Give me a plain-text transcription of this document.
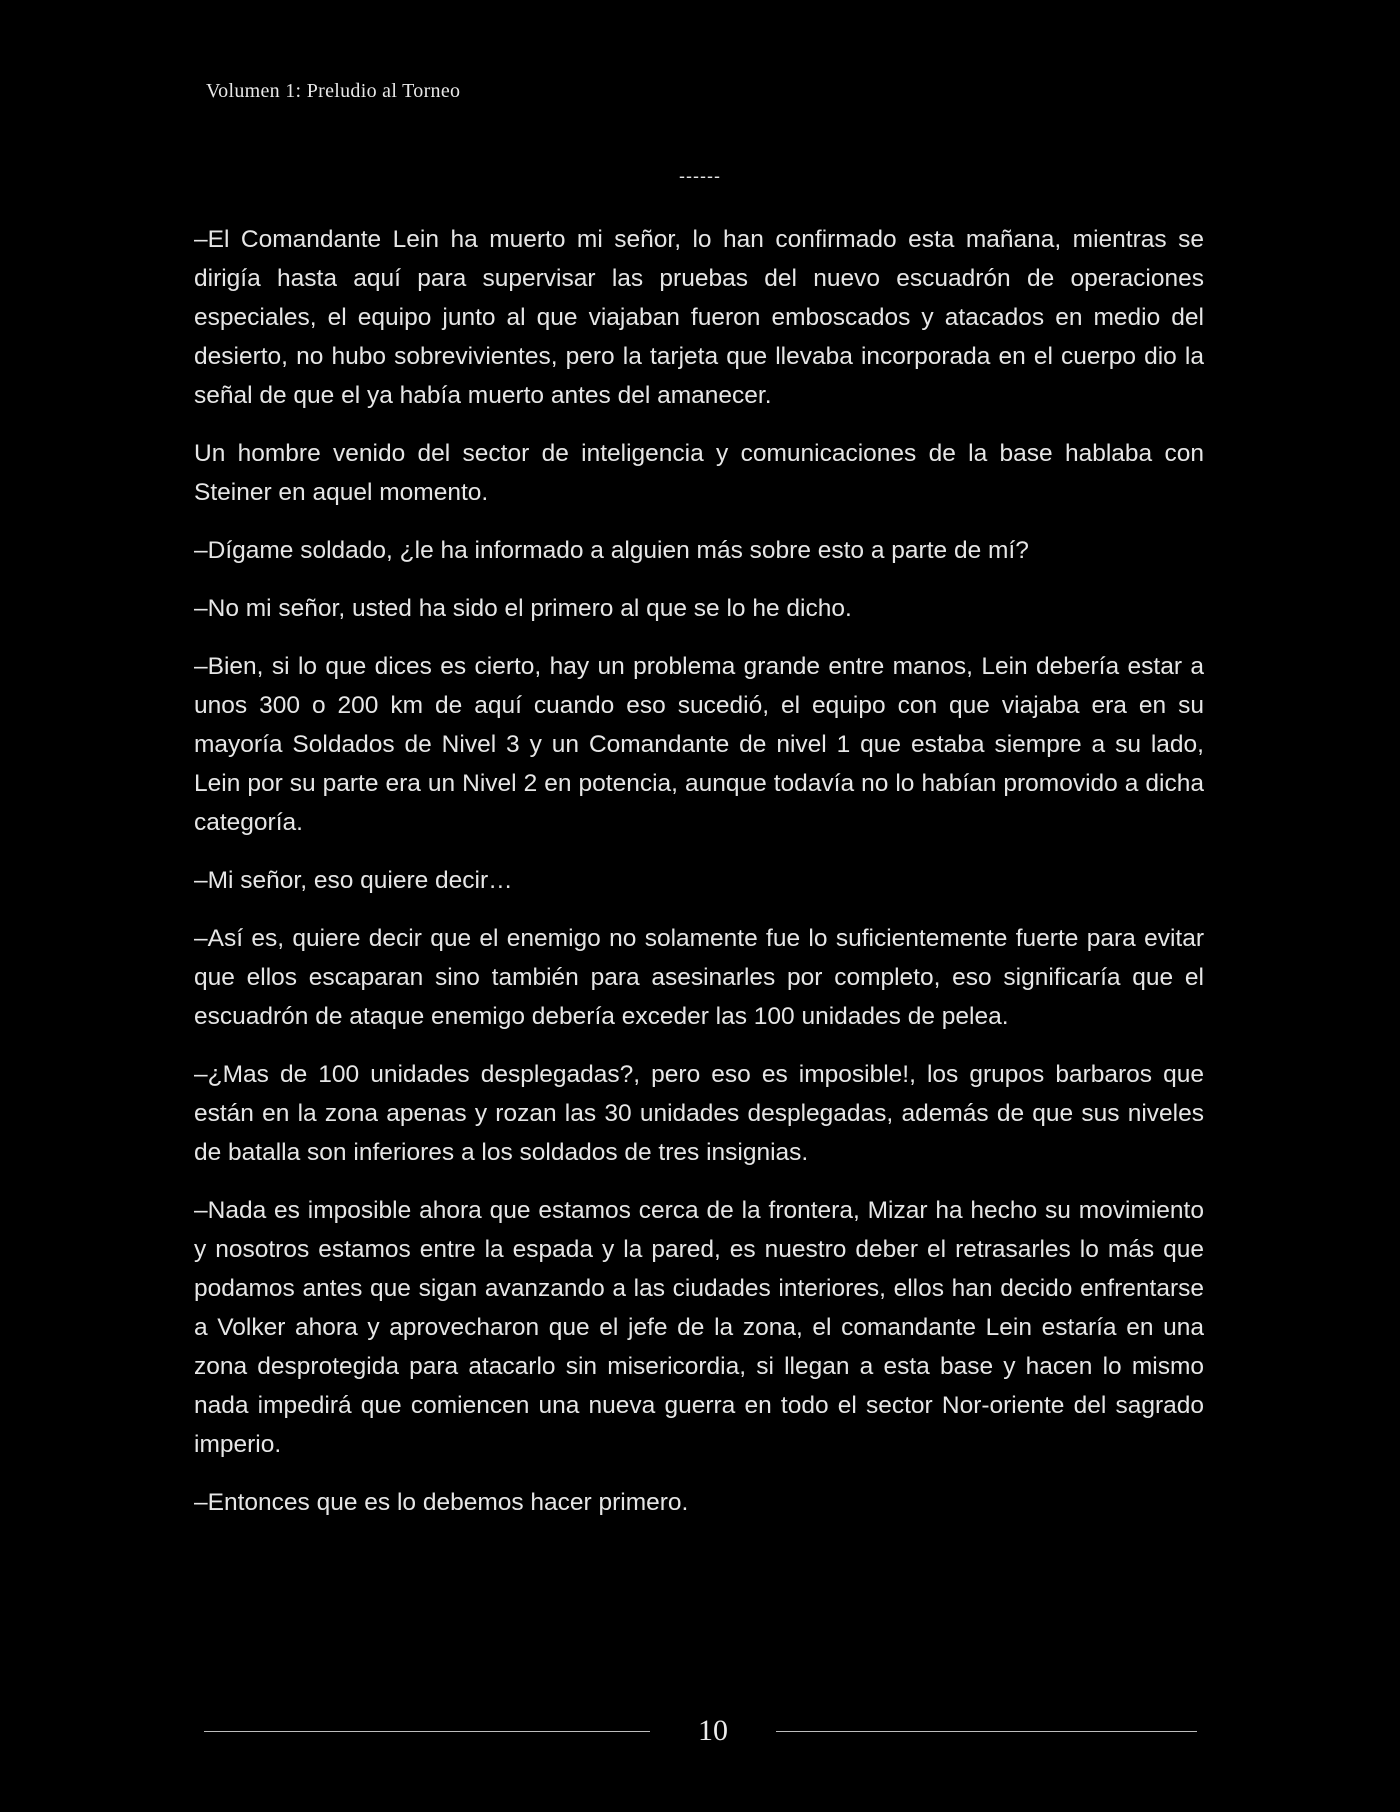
Volumen 1: Preludio al Torneo
------

–El Comandante Lein ha muerto mi señor, lo han confirmado esta mañana, mientras se dirigía hasta aquí para supervisar las pruebas del nuevo escuadrón de operaciones especiales, el equipo junto al que viajaban fueron emboscados y atacados en medio del desierto, no hubo sobrevivientes, pero la tarjeta que llevaba incorporada en el cuerpo dio la señal de que el ya había muerto antes del amanecer.

Un hombre venido del sector de inteligencia y comunicaciones de la base hablaba con Steiner en aquel momento.

–Dígame soldado, ¿le ha informado a alguien más sobre esto a parte de mí?

–No mi señor, usted ha sido el primero al que se lo he dicho.

–Bien, si lo que dices es cierto, hay un problema grande entre manos, Lein debería estar a unos 300 o 200 km de aquí cuando eso sucedió, el equipo con que viajaba era en su mayoría Soldados de Nivel 3 y un Comandante de nivel 1 que estaba siempre a su lado, Lein por su parte era un Nivel 2 en potencia, aunque todavía no lo habían promovido a dicha categoría.

–Mi señor, eso quiere decir…

–Así es, quiere decir que el enemigo no solamente fue lo suficientemente fuerte para evitar que ellos escaparan sino también para asesinarles por completo, eso significaría que el escuadrón de ataque enemigo debería exceder las 100 unidades de pelea.

–¿Mas de 100 unidades desplegadas?, pero eso es imposible!, los grupos barbaros que están en la zona apenas y rozan las 30 unidades desplegadas, además de que sus niveles de batalla son inferiores a los soldados de tres insignias.

–Nada es imposible ahora que estamos cerca de la frontera, Mizar ha hecho su movimiento y nosotros estamos entre la espada y la pared, es nuestro deber el retrasarles lo más que podamos antes que sigan avanzando a las ciudades interiores, ellos han decido enfrentarse a Volker ahora y aprovecharon que el jefe de la zona, el comandante Lein estaría en una zona desprotegida para atacarlo sin misericordia, si llegan a esta base y hacen lo mismo nada impedirá que comiencen una nueva guerra en todo el sector Nor-oriente del sagrado imperio.

–Entonces que es lo debemos hacer primero.

10
